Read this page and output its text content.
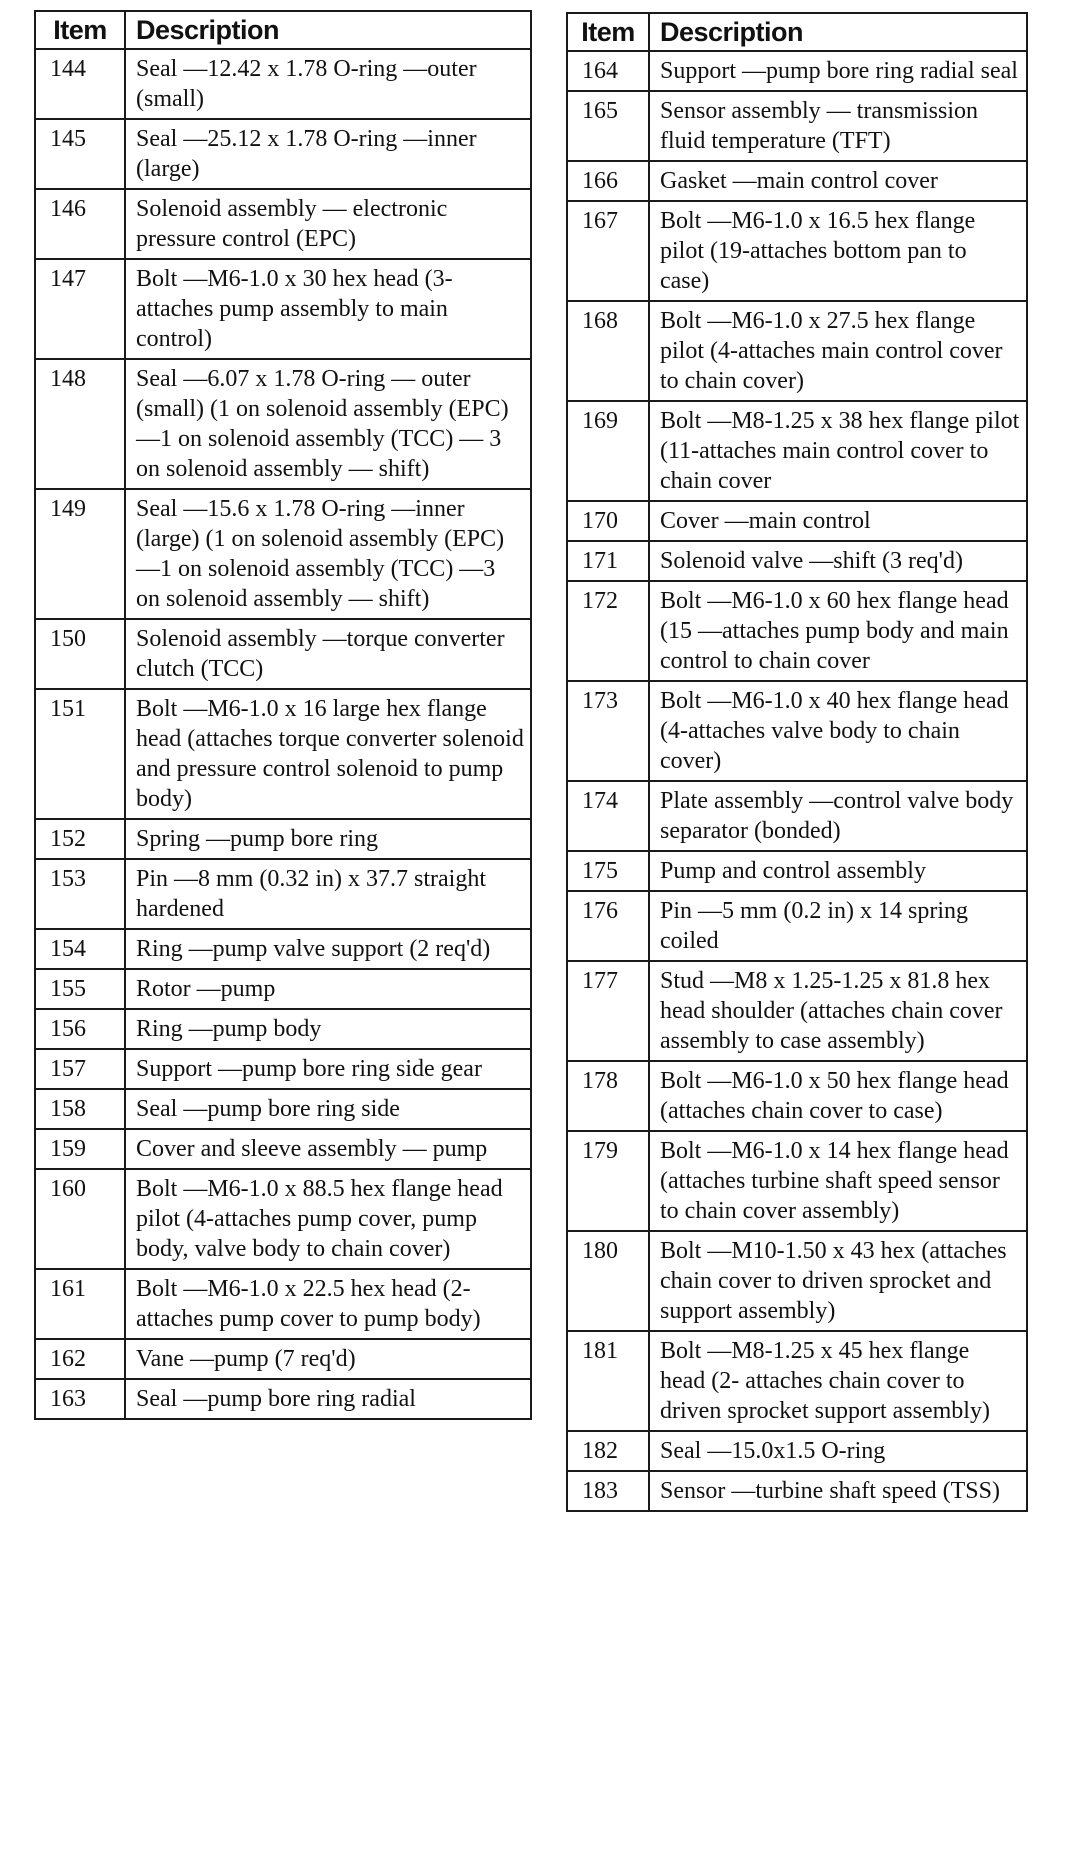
Item	Description
144	Seal —12.42 x 1.78 O-ring —outer (small)
145	Seal —25.12 x 1.78 O-ring —inner (large)
146	Solenoid assembly — electronic pressure control (EPC)
147	Bolt —M6-1.0 x 30 hex head (3-attaches pump assembly to main control)
148	Seal —6.07 x 1.78 O-ring — outer (small) (1 on solenoid assembly (EPC) —1 on solenoid assembly (TCC) — 3 on solenoid assembly — shift)
149	Seal —15.6 x 1.78 O-ring —inner (large) (1 on solenoid assembly (EPC) —1 on solenoid assembly (TCC) —3 on solenoid assembly — shift)
150	Solenoid assembly —torque converter clutch (TCC)
151	Bolt —M6-1.0 x 16 large hex flange head (attaches torque converter solenoid and pressure control solenoid to pump body)
152	Spring —pump bore ring
153	Pin —8 mm (0.32 in) x 37.7 straight hardened
154	Ring —pump valve support (2 req'd)
155	Rotor —pump
156	Ring —pump body
157	Support —pump bore ring side gear
158	Seal —pump bore ring side
159	Cover and sleeve assembly — pump
160	Bolt —M6-1.0 x 88.5 hex flange head pilot (4-attaches pump cover, pump body, valve body to chain cover)
161	Bolt —M6-1.0 x 22.5 hex head (2-attaches pump cover to pump body)
162	Vane —pump (7 req'd)
163	Seal —pump bore ring radial
Item	Description
164	Support —pump bore ring radial seal
165	Sensor assembly — transmission fluid temperature (TFT)
166	Gasket —main control cover
167	Bolt —M6-1.0 x 16.5 hex flange pilot (19-attaches bottom pan to case)
168	Bolt —M6-1.0 x 27.5 hex flange pilot (4-attaches main control cover to chain cover)
169	Bolt —M8-1.25 x 38 hex flange pilot (11-attaches main control cover to chain cover
170	Cover —main control
171	Solenoid valve —shift (3 req'd)
172	Bolt —M6-1.0 x 60 hex flange head (15 —attaches pump body and main control to chain cover
173	Bolt —M6-1.0 x 40 hex flange head (4-attaches valve body to chain cover)
174	Plate assembly —control valve body separator (bonded)
175	Pump and control assembly
176	Pin —5 mm (0.2 in) x 14 spring coiled
177	Stud —M8 x 1.25-1.25 x 81.8 hex head shoulder (attaches chain cover assembly to case assembly)
178	Bolt —M6-1.0 x 50 hex flange head (attaches chain cover to case)
179	Bolt —M6-1.0 x 14 hex flange head (attaches turbine shaft speed sensor to chain cover assembly)
180	Bolt —M10-1.50 x 43 hex (attaches chain cover to driven sprocket and support assembly)
181	Bolt —M8-1.25 x 45 hex flange head (2- attaches chain cover to driven sprocket support assembly)
182	Seal —15.0x1.5 O-ring
183	Sensor —turbine shaft speed (TSS)
